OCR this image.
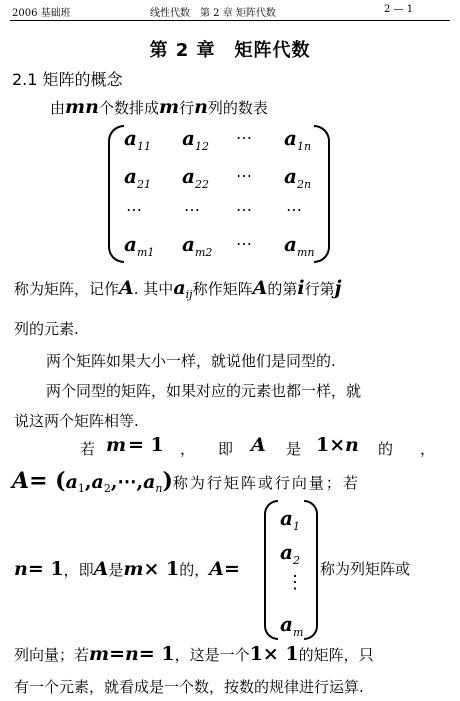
2006 基础班	线性代数　第 2 章 矩阵代数	2 — 1
第 2 章　矩阵代数
2.1 矩阵的概念
由mn个数排成m行n列的数表
$a_{11}$ $a_{12}$ ⋯ $a_{1n}$
$a_{21}$ $a_{22}$ ⋯ $a_{2n}$
⋯	⋯ ⋯ ⋯
$a_{m1}$ $a_{m2}$ ⋯ $a_{mn}$
称为矩阵，记作A. 其中$a_{ij}$称作矩阵A的第i行第j
列的元素.
两个矩阵如果大小一样，就说他们是同型的.
两个同型的矩阵，如果对应的元素也都一样，就
说这两个矩阵相等.
若 m = 1 ， 即 A 是 1× n 的 ，
$A= (a_1,a_2,\cdots,a_n)$称为行矩阵或行向量；若
n= 1，即A是m× 1的，A=
$a_1$
$a_2$
⋮
$a_m$
称为列矩阵或
列向量；若m=n= 1，这是一个1× 1的矩阵，只
有一个元素，就看成是一个数，按数的规律进行运算.
